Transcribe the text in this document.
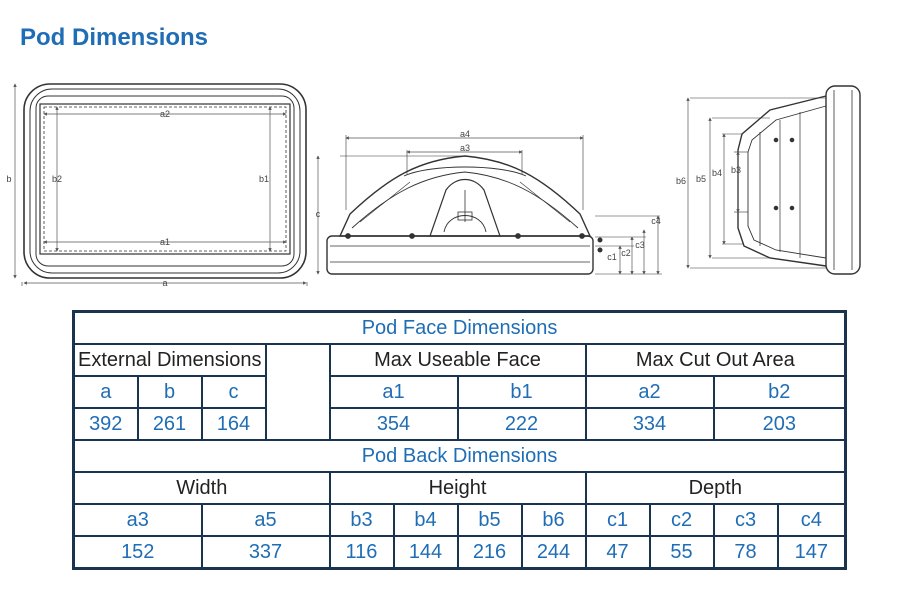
Pod Dimensions
a2
a1
a
b2	b1
b
a4
a3
c
c1 c2
c3
c4
b6 b5
b4 b3
Pod Face Dimensions											
External Dimensions				Max Useable Face				Max Cut Out Area			
a	b	c		a1		b1		a2		b2	
392	261	164		354		222		334		203	
Pod Back Dimensions											
Width				Height				Depth			
a3		a5		b3	b4	b5	b6	c1	c2	c3	c4
152		337		116	144	216	244	47	55	78	147
